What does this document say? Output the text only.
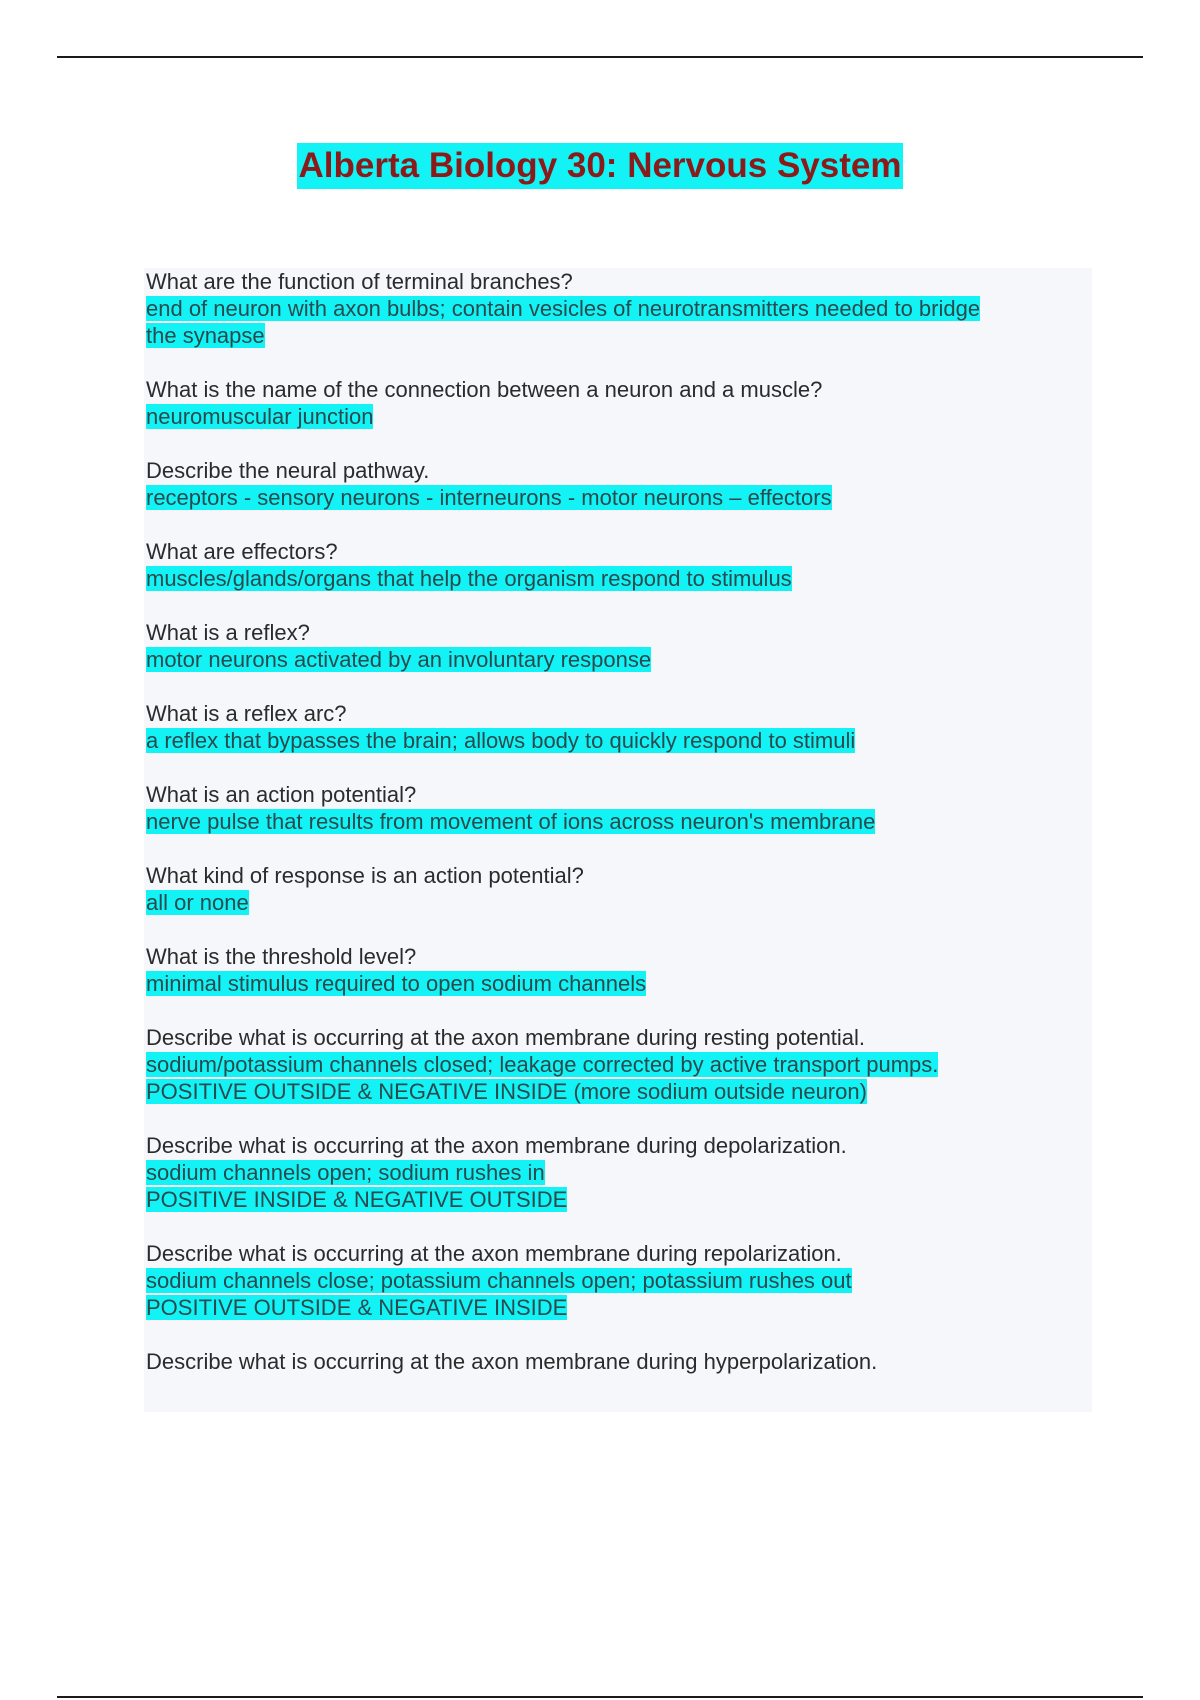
Alberta Biology 30: Nervous System

What are the function of terminal branches?

end of neuron with axon bulbs; contain vesicles of neurotransmitters needed to bridge
the synapse

What is the name of the connection between a neuron and a muscle?

neuromuscular junction

Describe the neural pathway.

receptors - sensory neurons - interneurons - motor neurons – effectors

What are effectors?

muscles/glands/organs that help the organism respond to stimulus

What is a reflex?

motor neurons activated by an involuntary response

What is a reflex arc?

a reflex that bypasses the brain; allows body to quickly respond to stimuli

What is an action potential?

nerve pulse that results from movement of ions across neuron's membrane

What kind of response is an action potential?

all or none

What is the threshold level?

minimal stimulus required to open sodium channels

Describe what is occurring at the axon membrane during resting potential.

sodium/potassium channels closed; leakage corrected by active transport pumps.
POSITIVE OUTSIDE & NEGATIVE INSIDE (more sodium outside neuron)

Describe what is occurring at the axon membrane during depolarization.

sodium channels open; sodium rushes in
POSITIVE INSIDE & NEGATIVE OUTSIDE

Describe what is occurring at the axon membrane during repolarization.

sodium channels close; potassium channels open; potassium rushes out
POSITIVE OUTSIDE & NEGATIVE INSIDE

Describe what is occurring at the axon membrane during hyperpolarization.
